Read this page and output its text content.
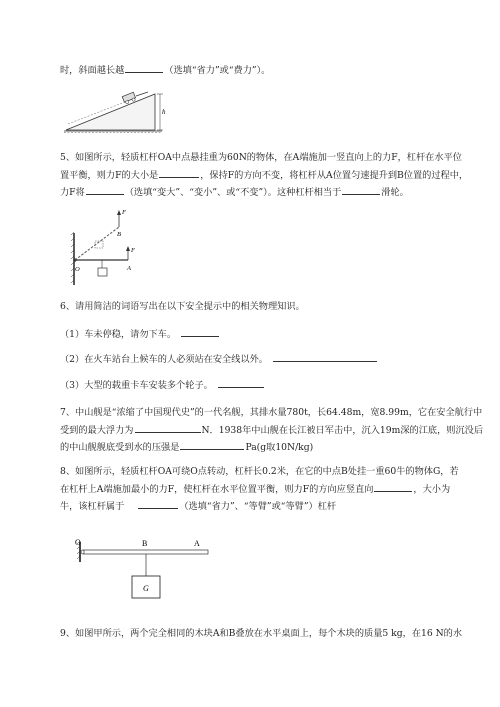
时，斜面越长越	（选填“省力”或“费力”）。
h
5、如图所示，轻质杠杆OA中点悬挂重为60N的物体，在A端施加一竖直向上的力F，杠杆在水平位
置平衡，则力F的大小是	，保持F的方向不变，将杠杆从A位置匀速提升到B位置的过程中，
力F将	（选填“变大”、“变小”、或“不变”）。这种杠杆相当于	滑轮。
F
B
O	A
F
6、请用简洁的词语写出在以下安全提示中的相关物理知识。
（1）车未停稳，请勿下车。
（2）在火车站台上候车的人必须站在安全线以外。
（3）大型的载重卡车安装多个轮子。
7、中山舰是“浓缩了中国现代史”的一代名舰，其排水量780t，长64.48m，宽8.99m，它在安全航行中
受到的最大浮力为	N．1938年中山舰在长江被日军击中，沉入19m深的江底，则沉没后
的中山舰舰底受到水的压强是	Pa(g取10N/kg)
8、如图所示，轻质杠杆OA可绕O点转动，杠杆长0.2米，在它的中点B处挂一重60牛的物体G，若
在杠杆上A端施加最小的力F，使杠杆在水平位置平衡，则力F的方向应竖直向	，大小为
牛，该杠杆属于	（选填“省力”、“等臂”或“等臂”）杠杆
G
O	B	A
9、如图甲所示，两个完全相同的木块A和B叠放在水平桌面上，每个木块的质量5 kg，在16 N的水
